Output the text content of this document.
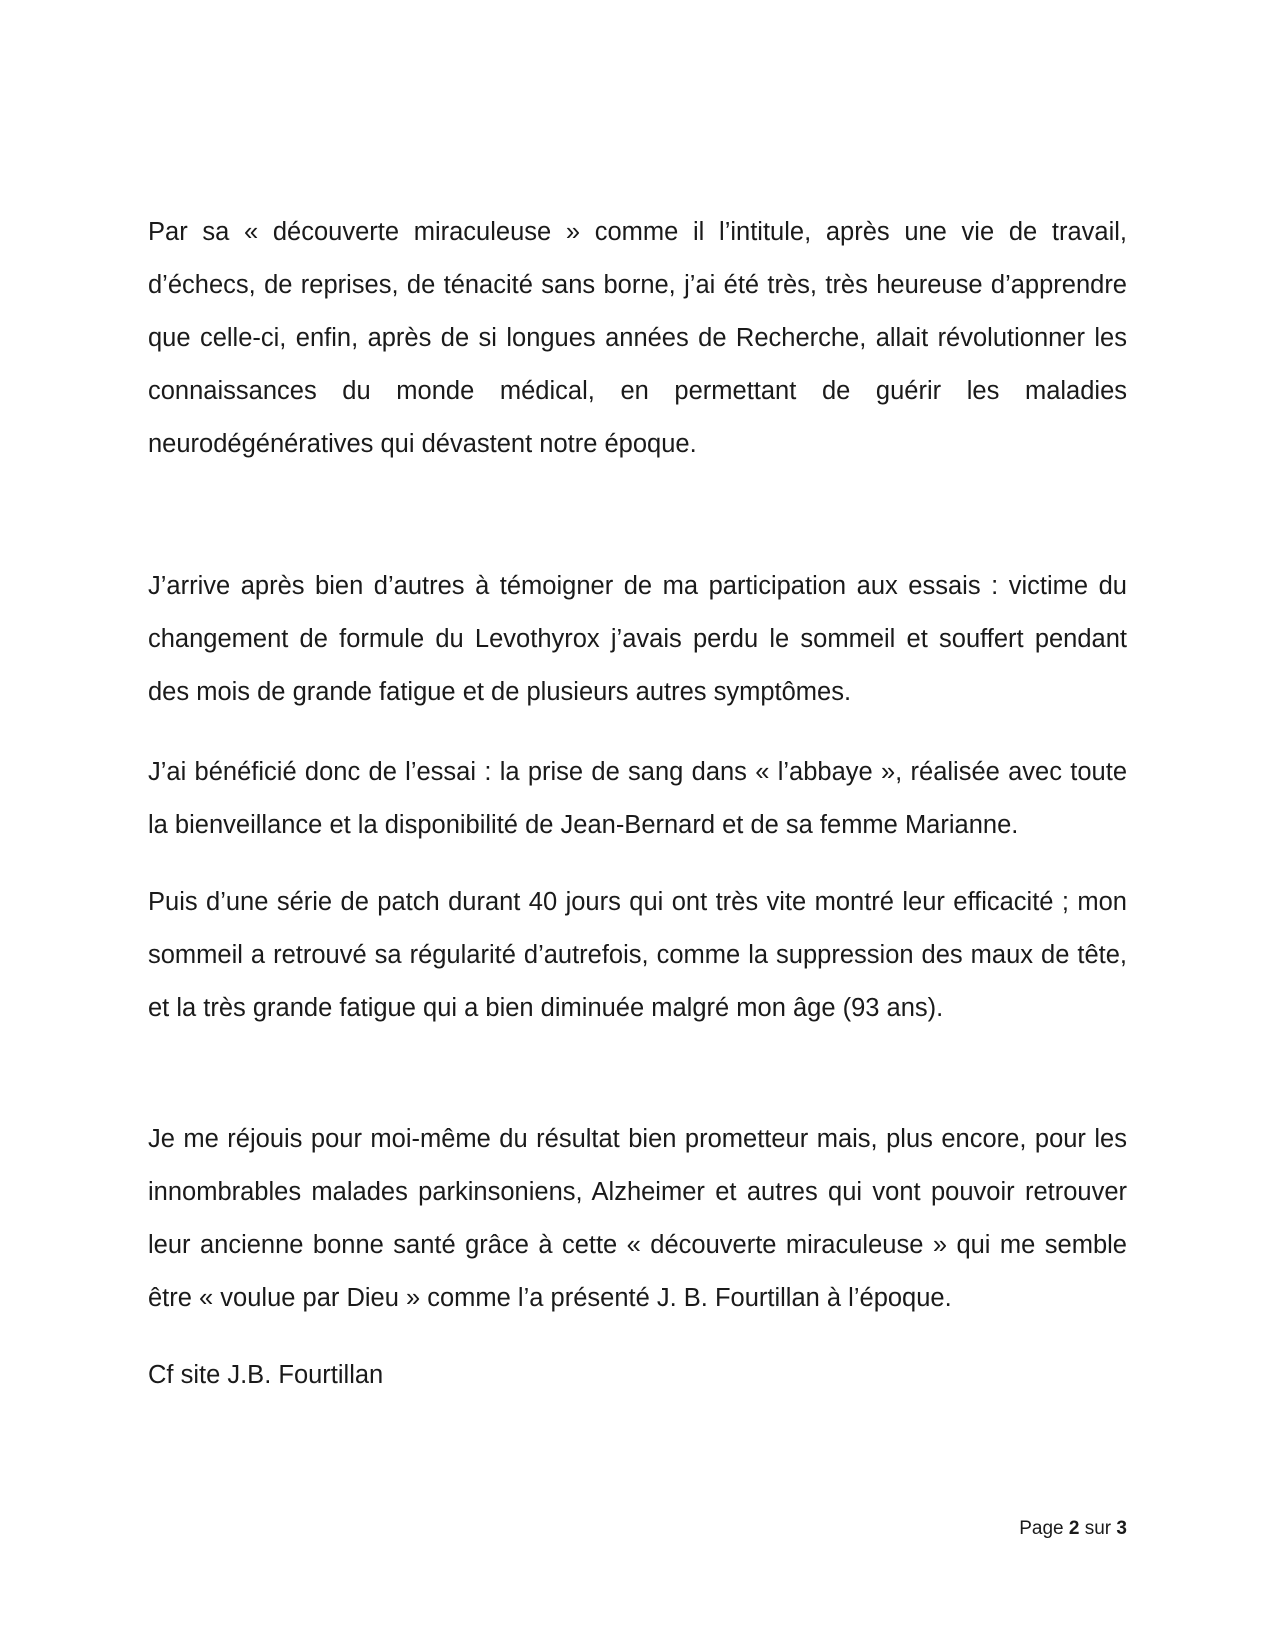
Par sa « découverte miraculeuse » comme il l’intitule, après une vie de travail, d’échecs, de reprises, de ténacité sans borne, j’ai été très, très heureuse d’apprendre que celle-ci, enfin, après de si longues années de Recherche, allait révolutionner les connaissances du monde médical, en permettant de guérir les maladies neurodégénératives qui dévastent notre époque.

J’arrive après bien d’autres à témoigner de ma participation aux essais : victime du changement de formule du Levothyrox j’avais perdu le sommeil et souffert pendant des mois de grande fatigue et de plusieurs autres symptômes.

J’ai bénéficié donc de l’essai : la prise de sang dans « l’abbaye », réalisée avec toute la bienveillance et la disponibilité de Jean-Bernard et de sa femme Marianne.

Puis d’une série de patch durant 40 jours qui ont très vite montré leur efficacité ; mon sommeil a retrouvé sa régularité d’autrefois, comme la suppression des maux de tête, et la très grande fatigue qui a bien diminuée malgré mon âge (93 ans).

Je me réjouis pour moi-même du résultat bien prometteur mais, plus encore, pour les innombrables malades parkinsoniens, Alzheimer et autres qui vont pouvoir retrouver leur ancienne bonne santé grâce à cette « découverte miraculeuse » qui me semble être « voulue par Dieu » comme l’a présenté J. B. Fourtillan à l’époque.

Cf site J.B. Fourtillan

Page 2 sur 3
